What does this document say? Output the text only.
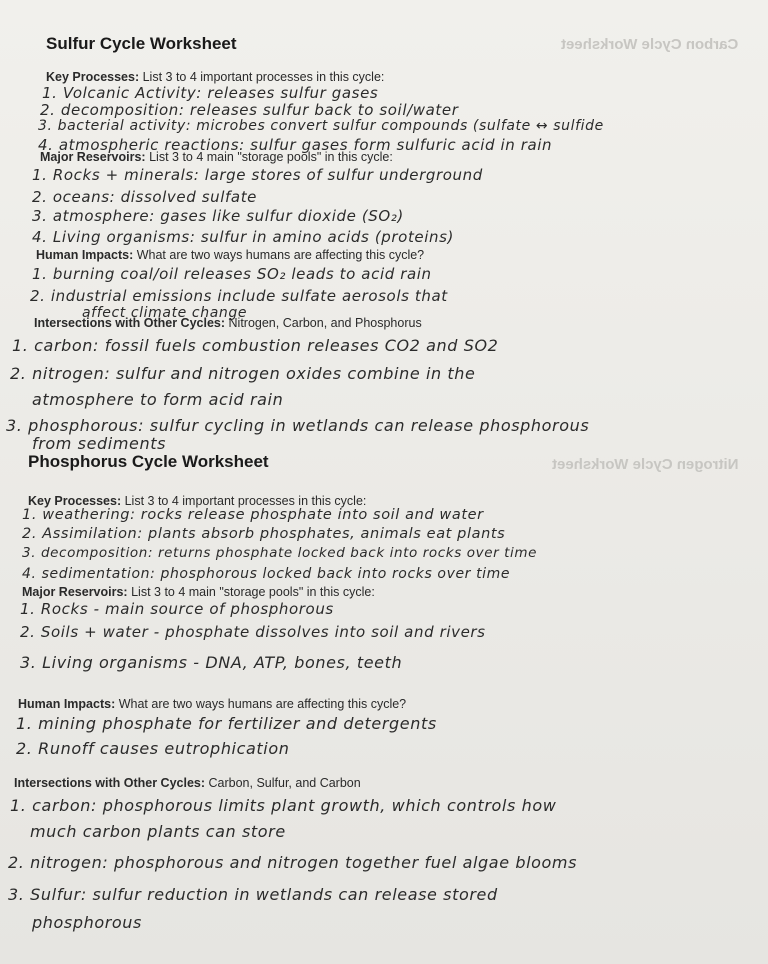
Carbon Cycle Worksheet
Sulfur Cycle Worksheet
Key Processes: List 3 to 4 important processes in this cycle:
1. Volcanic Activity: releases sulfur gases
2. decomposition: releases sulfur back to soil/water
3. bacterial activity: microbes convert sulfur compounds (sulfate ↔ sulfide
4. atmospheric reactions: sulfur gases form sulfuric acid in rain
Major Reservoirs: List 3 to 4 main "storage pools" in this cycle:
1. Rocks + minerals: large stores of sulfur underground
2. oceans: dissolved sulfate
3. atmosphere: gases like sulfur dioxide (SO₂)
4. Living organisms: sulfur in amino acids (proteins)
Human Impacts: What are two ways humans are affecting this cycle?
1. burning coal/oil releases SO₂ leads to acid rain
2. industrial emissions include sulfate aerosols that
affect climate change
Intersections with Other Cycles: Nitrogen, Carbon, and Phosphorus
1. carbon: fossil fuels combustion releases CO2 and SO2
2. nitrogen: sulfur and nitrogen oxides combine in the
atmosphere to form acid rain
3. phosphorous: sulfur cycling in wetlands can release phosphorous
from sediments
Nitrogen Cycle Worksheet
Phosphorus Cycle Worksheet
Key Processes: List 3 to 4 important processes in this cycle:
1. weathering: rocks release phosphate into soil and water
2. Assimilation: plants absorb phosphates, animals eat plants
3. decomposition: returns phosphate locked back into rocks over time
4. sedimentation: phosphorous locked back into rocks over time
Major Reservoirs: List 3 to 4 main "storage pools" in this cycle:
1. Rocks - main source of phosphorous
2. Soils + water - phosphate dissolves into soil and rivers
3. Living organisms - DNA, ATP, bones, teeth
Human Impacts: What are two ways humans are affecting this cycle?
1. mining phosphate for fertilizer and detergents
2. Runoff causes eutrophication
Intersections with Other Cycles: Carbon, Sulfur, and Carbon
1. carbon: phosphorous limits plant growth, which controls how
much carbon plants can store
2. nitrogen: phosphorous and nitrogen together fuel algae blooms
3. Sulfur: sulfur reduction in wetlands can release stored
phosphorous
